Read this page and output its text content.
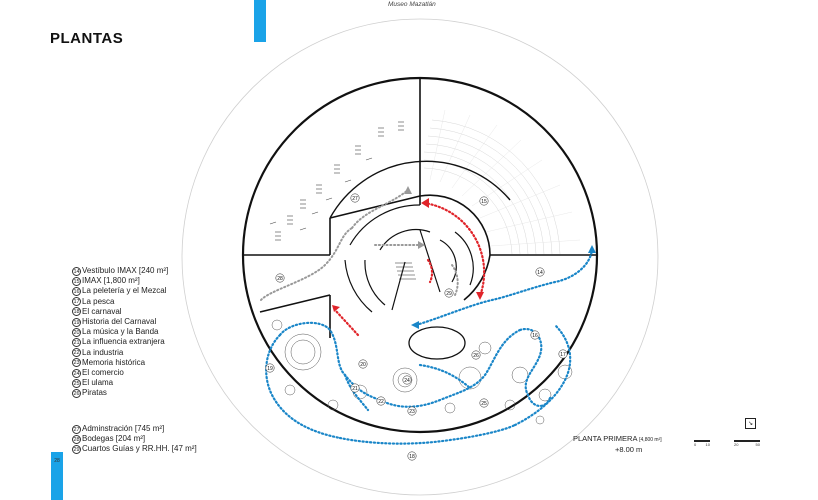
Museo Mazatlán
PLANTAS
15
27
28
29
14
16
17
18
19
20
21
22
23
24
25
26
14 Vestíbulo IMAX [240 m²]
15 IMAX [1,800 m²]
16 La peletería y el Mezcal
17 La pesca
18 El carnaval
19 Historia del Carnaval
20 La música y la Banda
21 La influencia extranjera
22 La industria
23 Memoria histórica
24 El comercio
25 El ulama
26 Piratas
27 Adminstración [745 m²]
28 Bodegas [204 m²]
29 Cuartos Guías y RR.HH. [47 m²]
PLANTA PRIMERA [4,800 m²]
+8.00 m
↘
0 10	20	50
28
